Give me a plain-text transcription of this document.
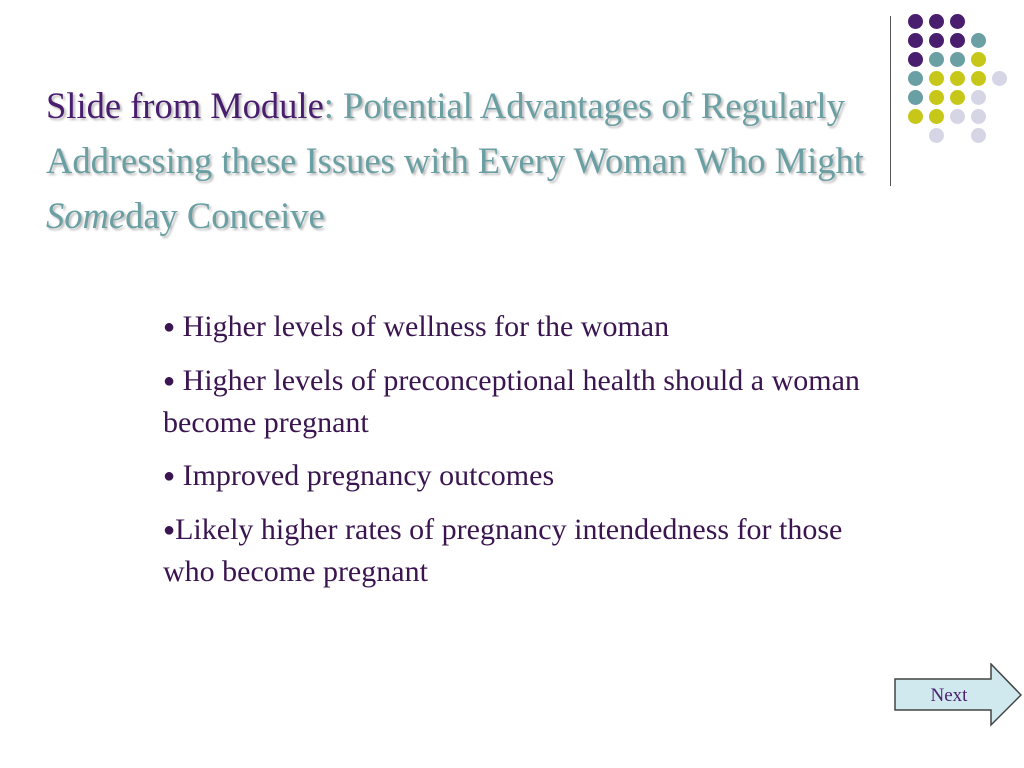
Slide from Module: Potential Advantages of Regularly Addressing these Issues with Every Woman Who Might Someday Conceive
● Higher levels of wellness for the woman
● Higher levels of preconceptional health should a woman become pregnant
● Improved pregnancy outcomes
●Likely higher rates of pregnancy intendedness for those who become pregnant
Next
